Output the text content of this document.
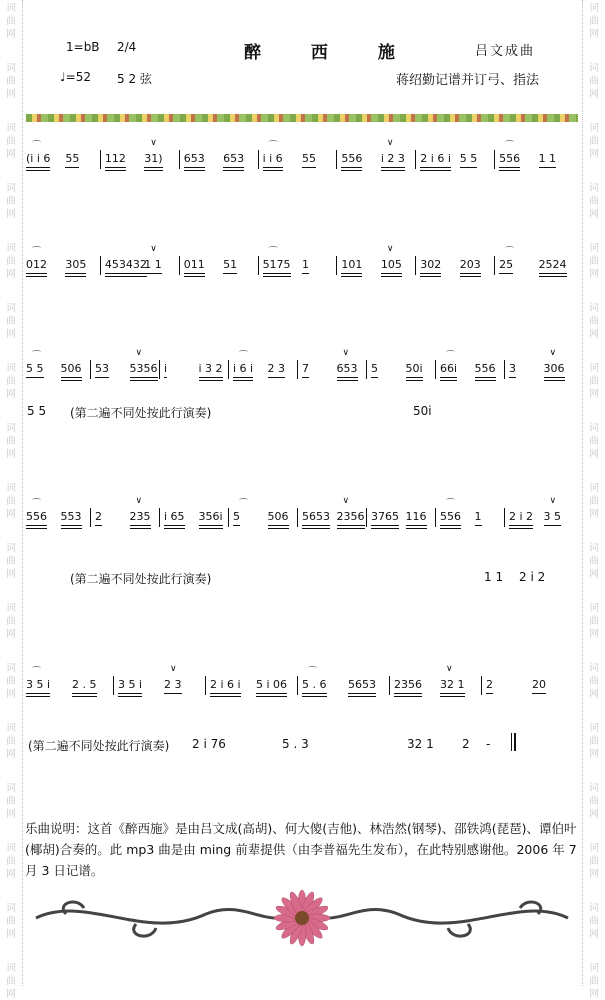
词
曲
网
词
曲
网
词
曲
网
词
曲
网
词
曲
网
词
曲
网
词
曲
网
词
曲
网
词
曲
网
词
曲
网
词
曲
网
词
曲
网
词
曲
网
词
曲
网
词
曲
网
词
曲
网
词
曲
网
词
曲
网
词
曲
网
词
曲
网
词
曲
网
词
曲
网
词
曲
网
词
曲
网
词
曲
网
词
曲
网
词
曲
网
词
曲
网
词
曲
网
词
曲
网
词
曲
网
词
曲
网
词
曲
网
词
曲
网
1=bB 2/4	醉 西 施	吕文成曲
♩=52 5 2 弦	蒋绍勤记谱并订弓、指法
(i i 6
⌒
55 112 31)
∨
653 653 i i 6
⌒
55 556 i 2 3
∨
2 i 6 i 5 5 556
⌒
1 1
012
⌒
305 453432
1 1
∨
011 51 5175
⌒
1	101 105
∨
302 203 25
⌒
2524
5 5
⌒
506 53 5356
∨
i	i 3 2 i 6 i
⌒
2 3 7	653
∨
5	50i 66i
⌒
556 3	306
∨
556
⌒
553 2	235
∨
i 65 356i 5
⌒
506 5653 2356
∨
3765 116 556
⌒
1	2 i 2 3 5
∨
3 5 i
⌒
2 . 5 3 5 i 2 3
∨
2 i 6 i 5 i 06 5 . 6
⌒
5653 2356 32 1
∨
2	20
5 5 (第二遍不同处按此行演奏)	50i
(第二遍不同处按此行演奏)	1 1 2 i 2
(第二遍不同处按此行演奏) 2 i 76	5 . 3	32 1 2 -
乐曲说明：这首《醉西施》是由吕文成(高胡)、何大傻(吉他)、林浩然(钢琴)、邵铁鸿(琵琶)、谭伯叶(椰胡)合奏的。此 mp3 曲是由 ming 前辈提供（由李普福先生发布），在此特别感谢他。2006 年 7 月 3 日记谱。
